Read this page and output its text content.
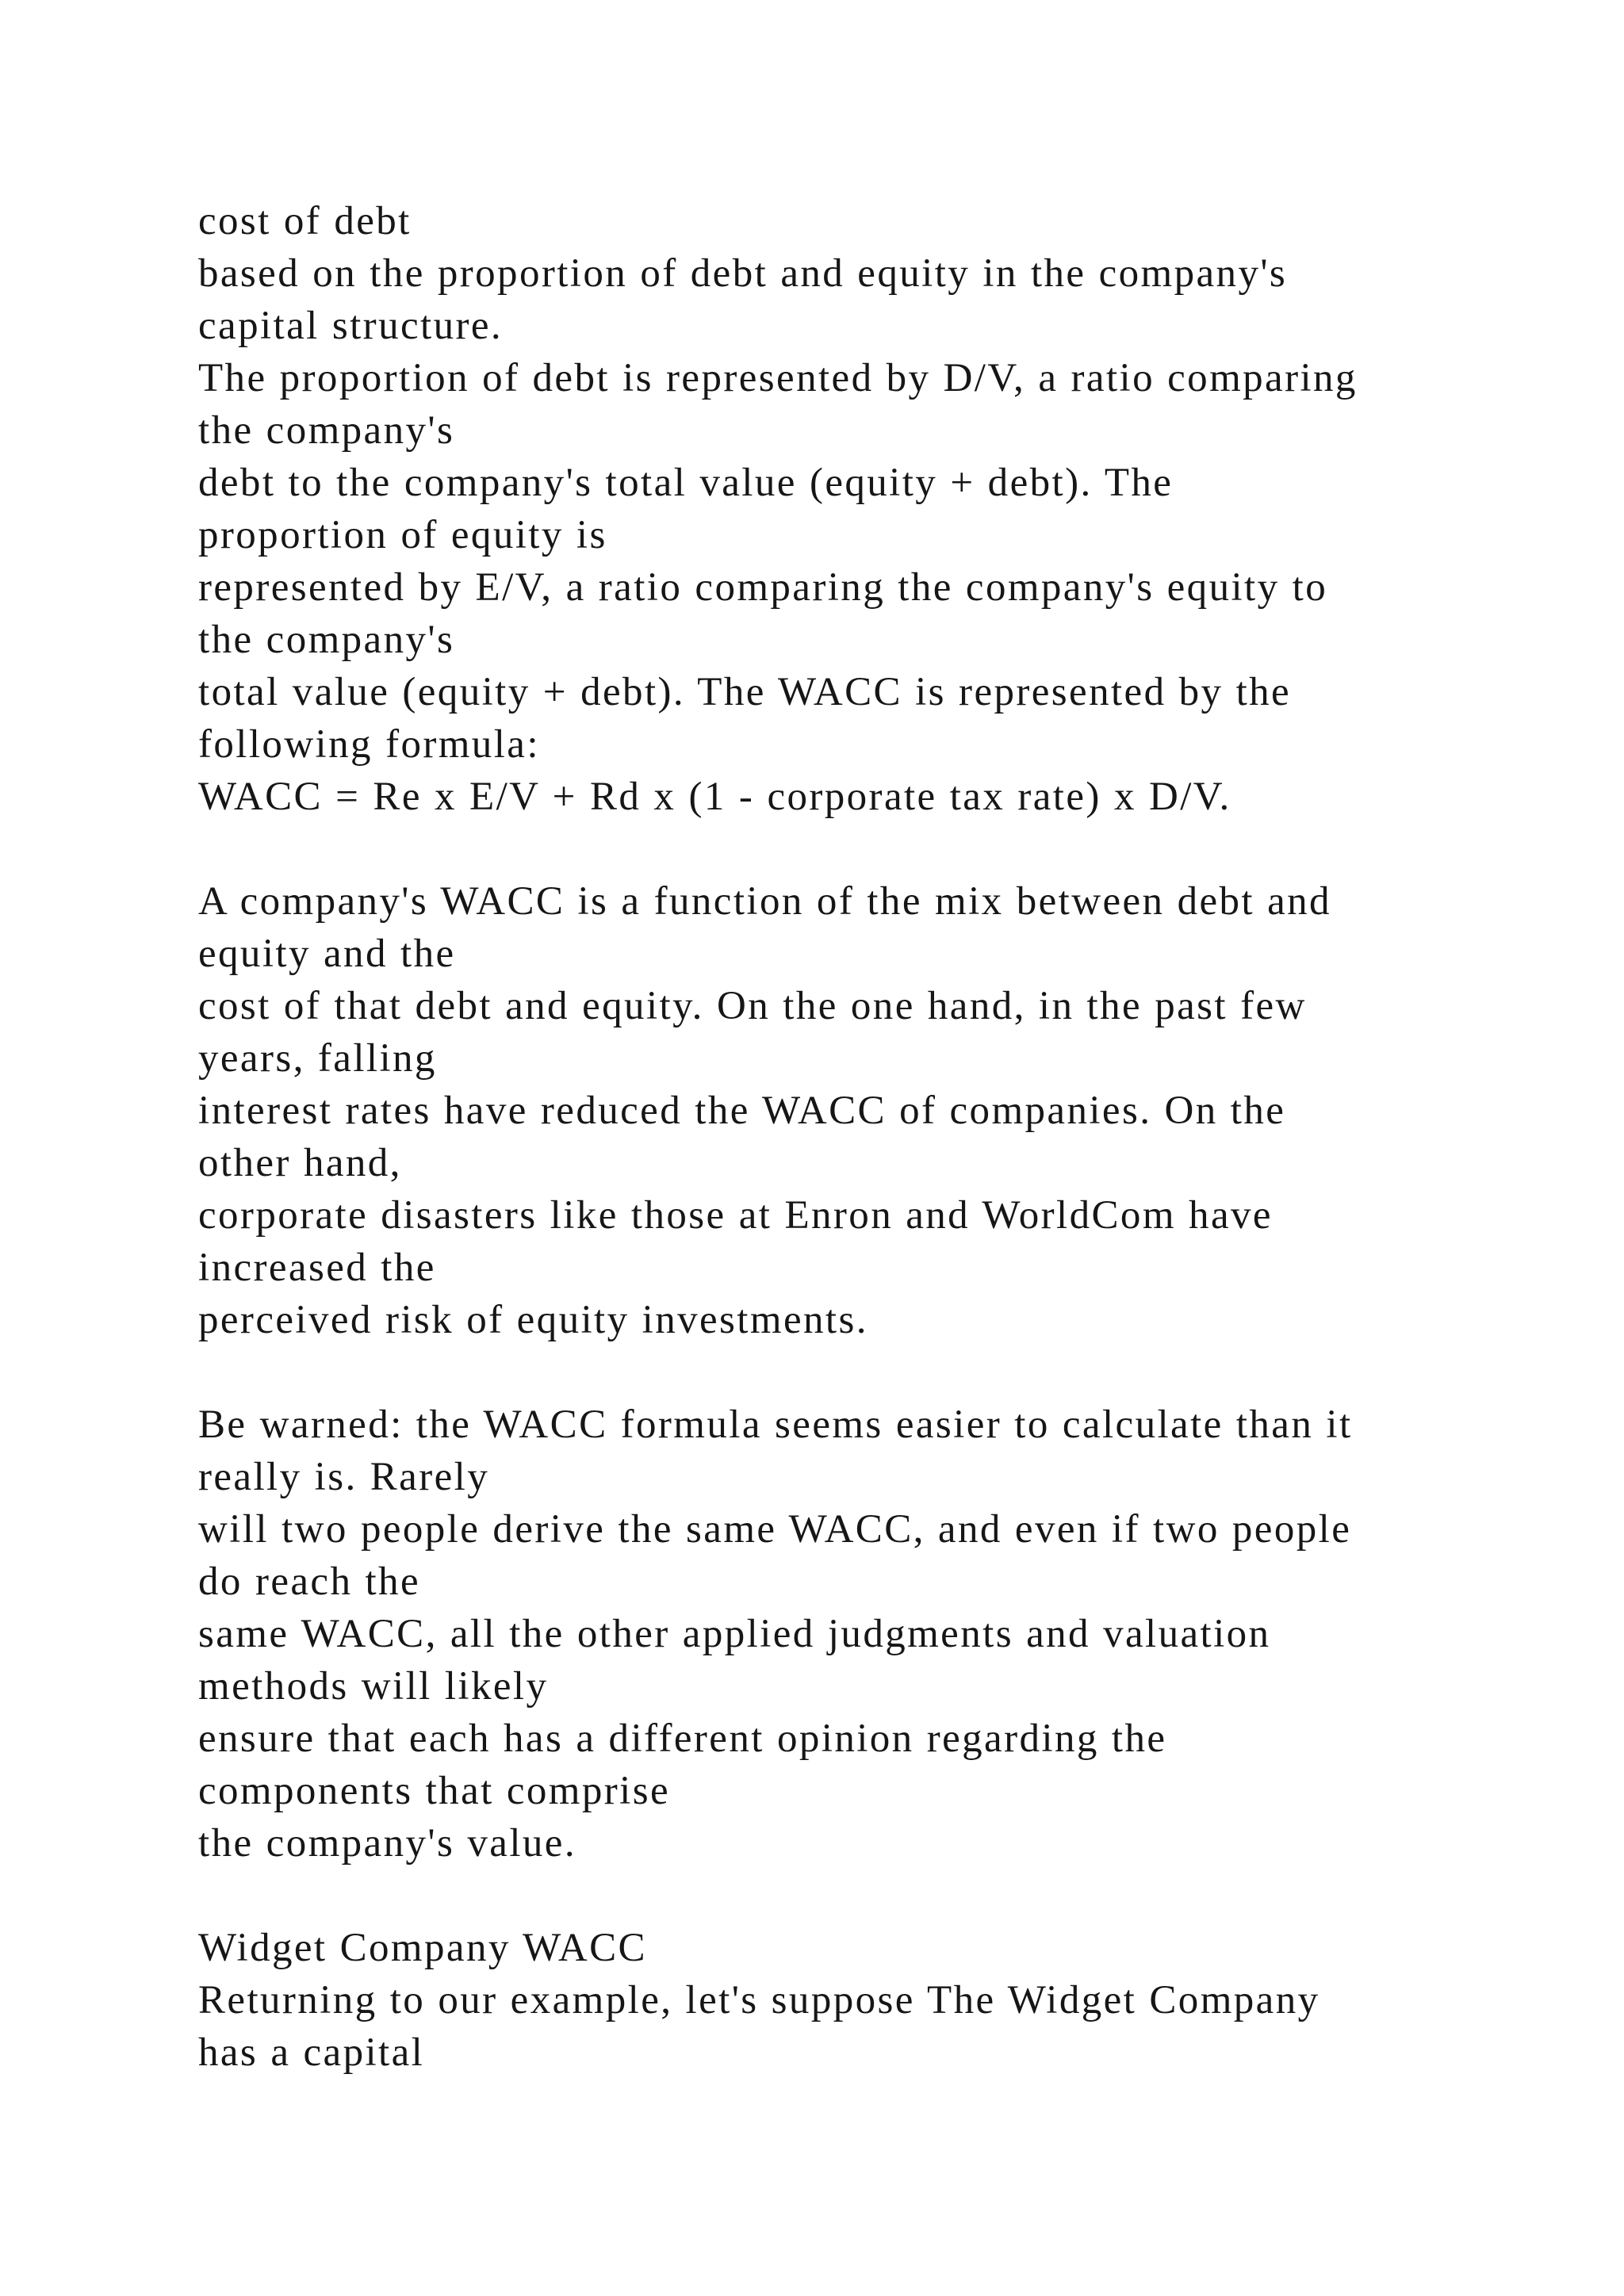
cost of debt
based on the proportion of debt and equity in the company's
capital structure.
The proportion of debt is represented by D/V, a ratio comparing
the company's
debt to the company's total value (equity + debt). The
proportion of equity is
represented by E/V, a ratio comparing the company's equity to
the company's
total value (equity + debt). The WACC is represented by the
following formula:
WACC = Re x E/V + Rd x (1 - corporate tax rate) x D/V.
A company's WACC is a function of the mix between debt and
equity and the
cost of that debt and equity. On the one hand, in the past few
years, falling
interest rates have reduced the WACC of companies. On the
other hand,
corporate disasters like those at Enron and WorldCom have
increased the
perceived risk of equity investments.
Be warned: the WACC formula seems easier to calculate than it
really is. Rarely
will two people derive the same WACC, and even if two people
do reach the
same WACC, all the other applied judgments and valuation
methods will likely
ensure that each has a different opinion regarding the
components that comprise
the company's value.
Widget Company WACC
Returning to our example, let's suppose The Widget Company
has a capital
